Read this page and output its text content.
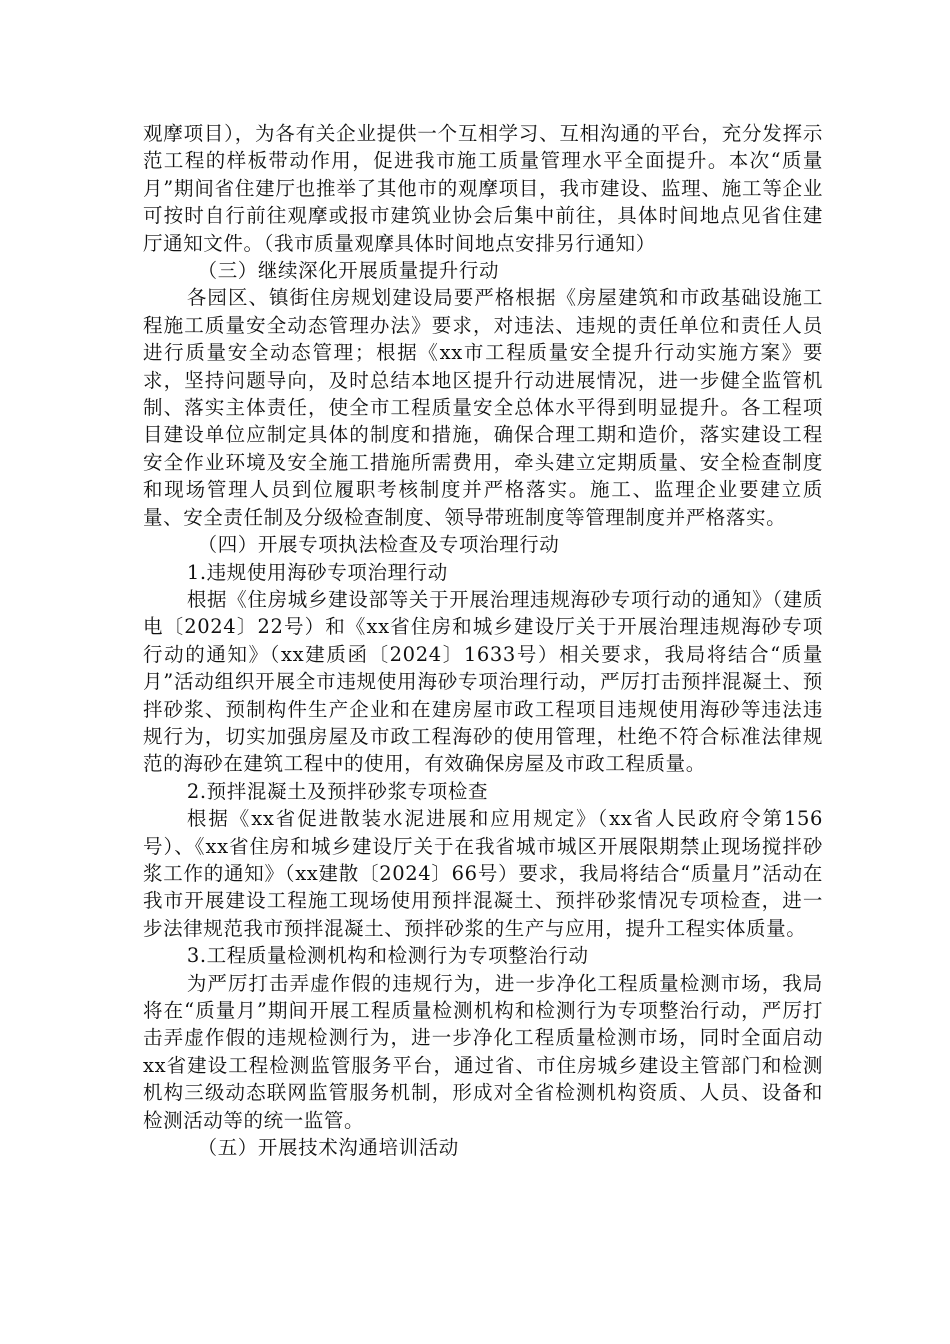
观摩项目），为各有关企业提供一个互相学习、互相沟通的平台，充分发挥示范工程的样板带动作用，促进我市施工质量管理水平全面提升。本次“质量月”期间省住建厅也推举了其他市的观摩项目，我市建设、监理、施工等企业可按时自行前往观摩或报市建筑业协会后集中前往，具体时间地点见省住建厅通知文件。（我市质量观摩具体时间地点安排另行通知）

（三）继续深化开展质量提升行动

各园区、镇街住房规划建设局要严格根据《房屋建筑和市政基础设施工程施工质量安全动态管理办法》要求，对违法、违规的责任单位和责任人员进行质量安全动态管理；根据《xx市工程质量安全提升行动实施方案》要求，坚持问题导向，及时总结本地区提升行动进展情况，进一步健全监管机制、落实主体责任，使全市工程质量安全总体水平得到明显提升。各工程项目建设单位应制定具体的制度和措施，确保合理工期和造价，落实建设工程安全作业环境及安全施工措施所需费用，牵头建立定期质量、安全检查制度和现场管理人员到位履职考核制度并严格落实。施工、监理企业要建立质量、安全责任制及分级检查制度、领导带班制度等管理制度并严格落实。

（四）开展专项执法检查及专项治理行动

1.违规使用海砂专项治理行动

根据《住房城乡建设部等关于开展治理违规海砂专项行动的通知》（建质电〔2024〕22号）和《xx省住房和城乡建设厅关于开展治理违规海砂专项行动的通知》（xx建质函〔2024〕1633号）相关要求，我局将结合“质量月”活动组织开展全市违规使用海砂专项治理行动，严厉打击预拌混凝土、预拌砂浆、预制构件生产企业和在建房屋市政工程项目违规使用海砂等违法违规行为，切实加强房屋及市政工程海砂的使用管理，杜绝不符合标准法律规范的海砂在建筑工程中的使用，有效确保房屋及市政工程质量。

2.预拌混凝土及预拌砂浆专项检查

根据《xx省促进散装水泥进展和应用规定》（xx省人民政府令第156号）、《xx省住房和城乡建设厅关于在我省城市城区开展限期禁止现场搅拌砂浆工作的通知》（xx建散〔2024〕66号）要求，我局将结合“质量月”活动在我市开展建设工程施工现场使用预拌混凝土、预拌砂浆情况专项检查，进一步法律规范我市预拌混凝土、预拌砂浆的生产与应用，提升工程实体质量。

3.工程质量检测机构和检测行为专项整治行动

为严厉打击弄虚作假的违规行为，进一步净化工程质量检测市场，我局将在“质量月”期间开展工程质量检测机构和检测行为专项整治行动，严厉打击弄虚作假的违规检测行为，进一步净化工程质量检测市场，同时全面启动xx省建设工程检测监管服务平台，通过省、市住房城乡建设主管部门和检测机构三级动态联网监管服务机制，形成对全省检测机构资质、人员、设备和检测活动等的统一监管。

（五）开展技术沟通培训活动
